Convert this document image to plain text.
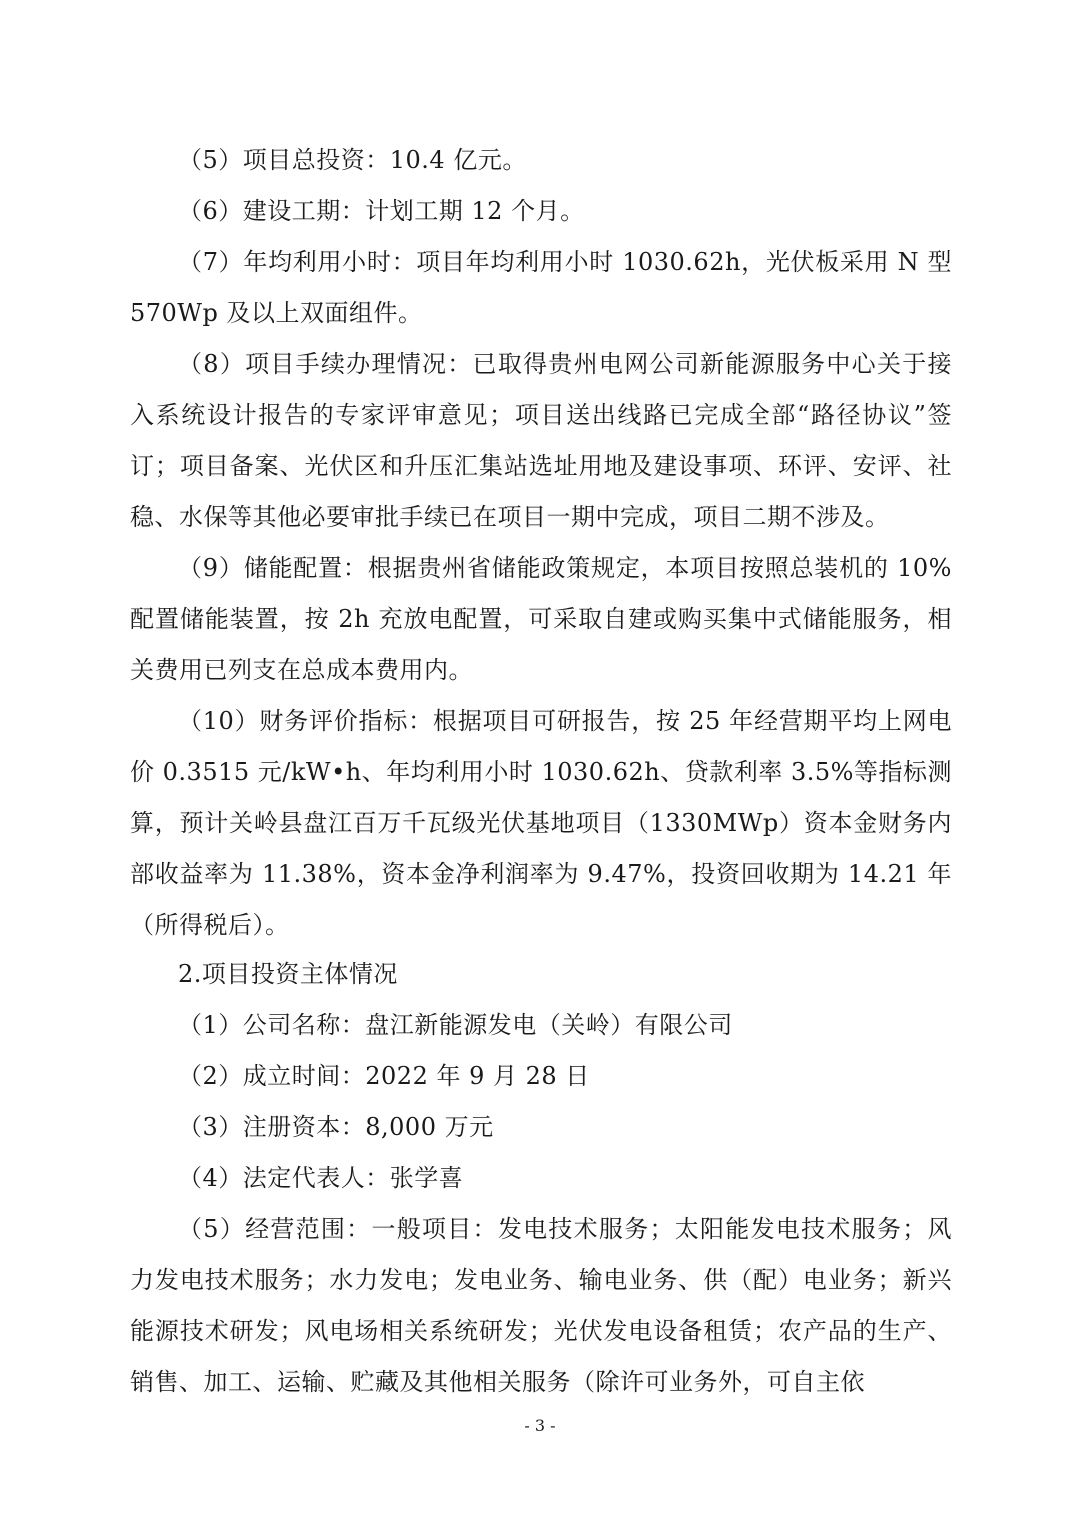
（5）项目总投资：10.4 亿元。

（6）建设工期：计划工期 12 个月。

（7）年均利用小时：项目年均利用小时 1030.62h，光伏板采用 N 型 570Wp 及以上双面组件。

（8）项目手续办理情况：已取得贵州电网公司新能源服务中心关于接入系统设计报告的专家评审意见；项目送出线路已完成全部“路径协议”签订；项目备案、光伏区和升压汇集站选址用地及建设事项、环评、安评、社稳、水保等其他必要审批手续已在项目一期中完成，项目二期不涉及。

（9）储能配置：根据贵州省储能政策规定，本项目按照总装机的 10% 配置储能装置，按 2h 充放电配置，可采取自建或购买集中式储能服务，相关费用已列支在总成本费用内。

（10）财务评价指标：根据项目可研报告，按 25 年经营期平均上网电价 0.3515 元/kW•h、年均利用小时 1030.62h、贷款利率 3.5%等指标测算，预计关岭县盘江百万千瓦级光伏基地项目（1330MWp）资本金财务内部收益率为 11.38%，资本金净利润率为 9.47%，投资回收期为 14.21 年（所得税后）。

2.项目投资主体情况

（1）公司名称：盘江新能源发电（关岭）有限公司

（2）成立时间：2022 年 9 月 28 日

（3）注册资本：8,000 万元

（4）法定代表人：张学喜

（5）经营范围：一般项目：发电技术服务；太阳能发电技术服务；风力发电技术服务；水力发电；发电业务、输电业务、供（配）电业务；新兴能源技术研发；风电场相关系统研发；光伏发电设备租赁；农产品的生产、销售、加工、运输、贮藏及其他相关服务（除许可业务外，可自主依

- 3 -
